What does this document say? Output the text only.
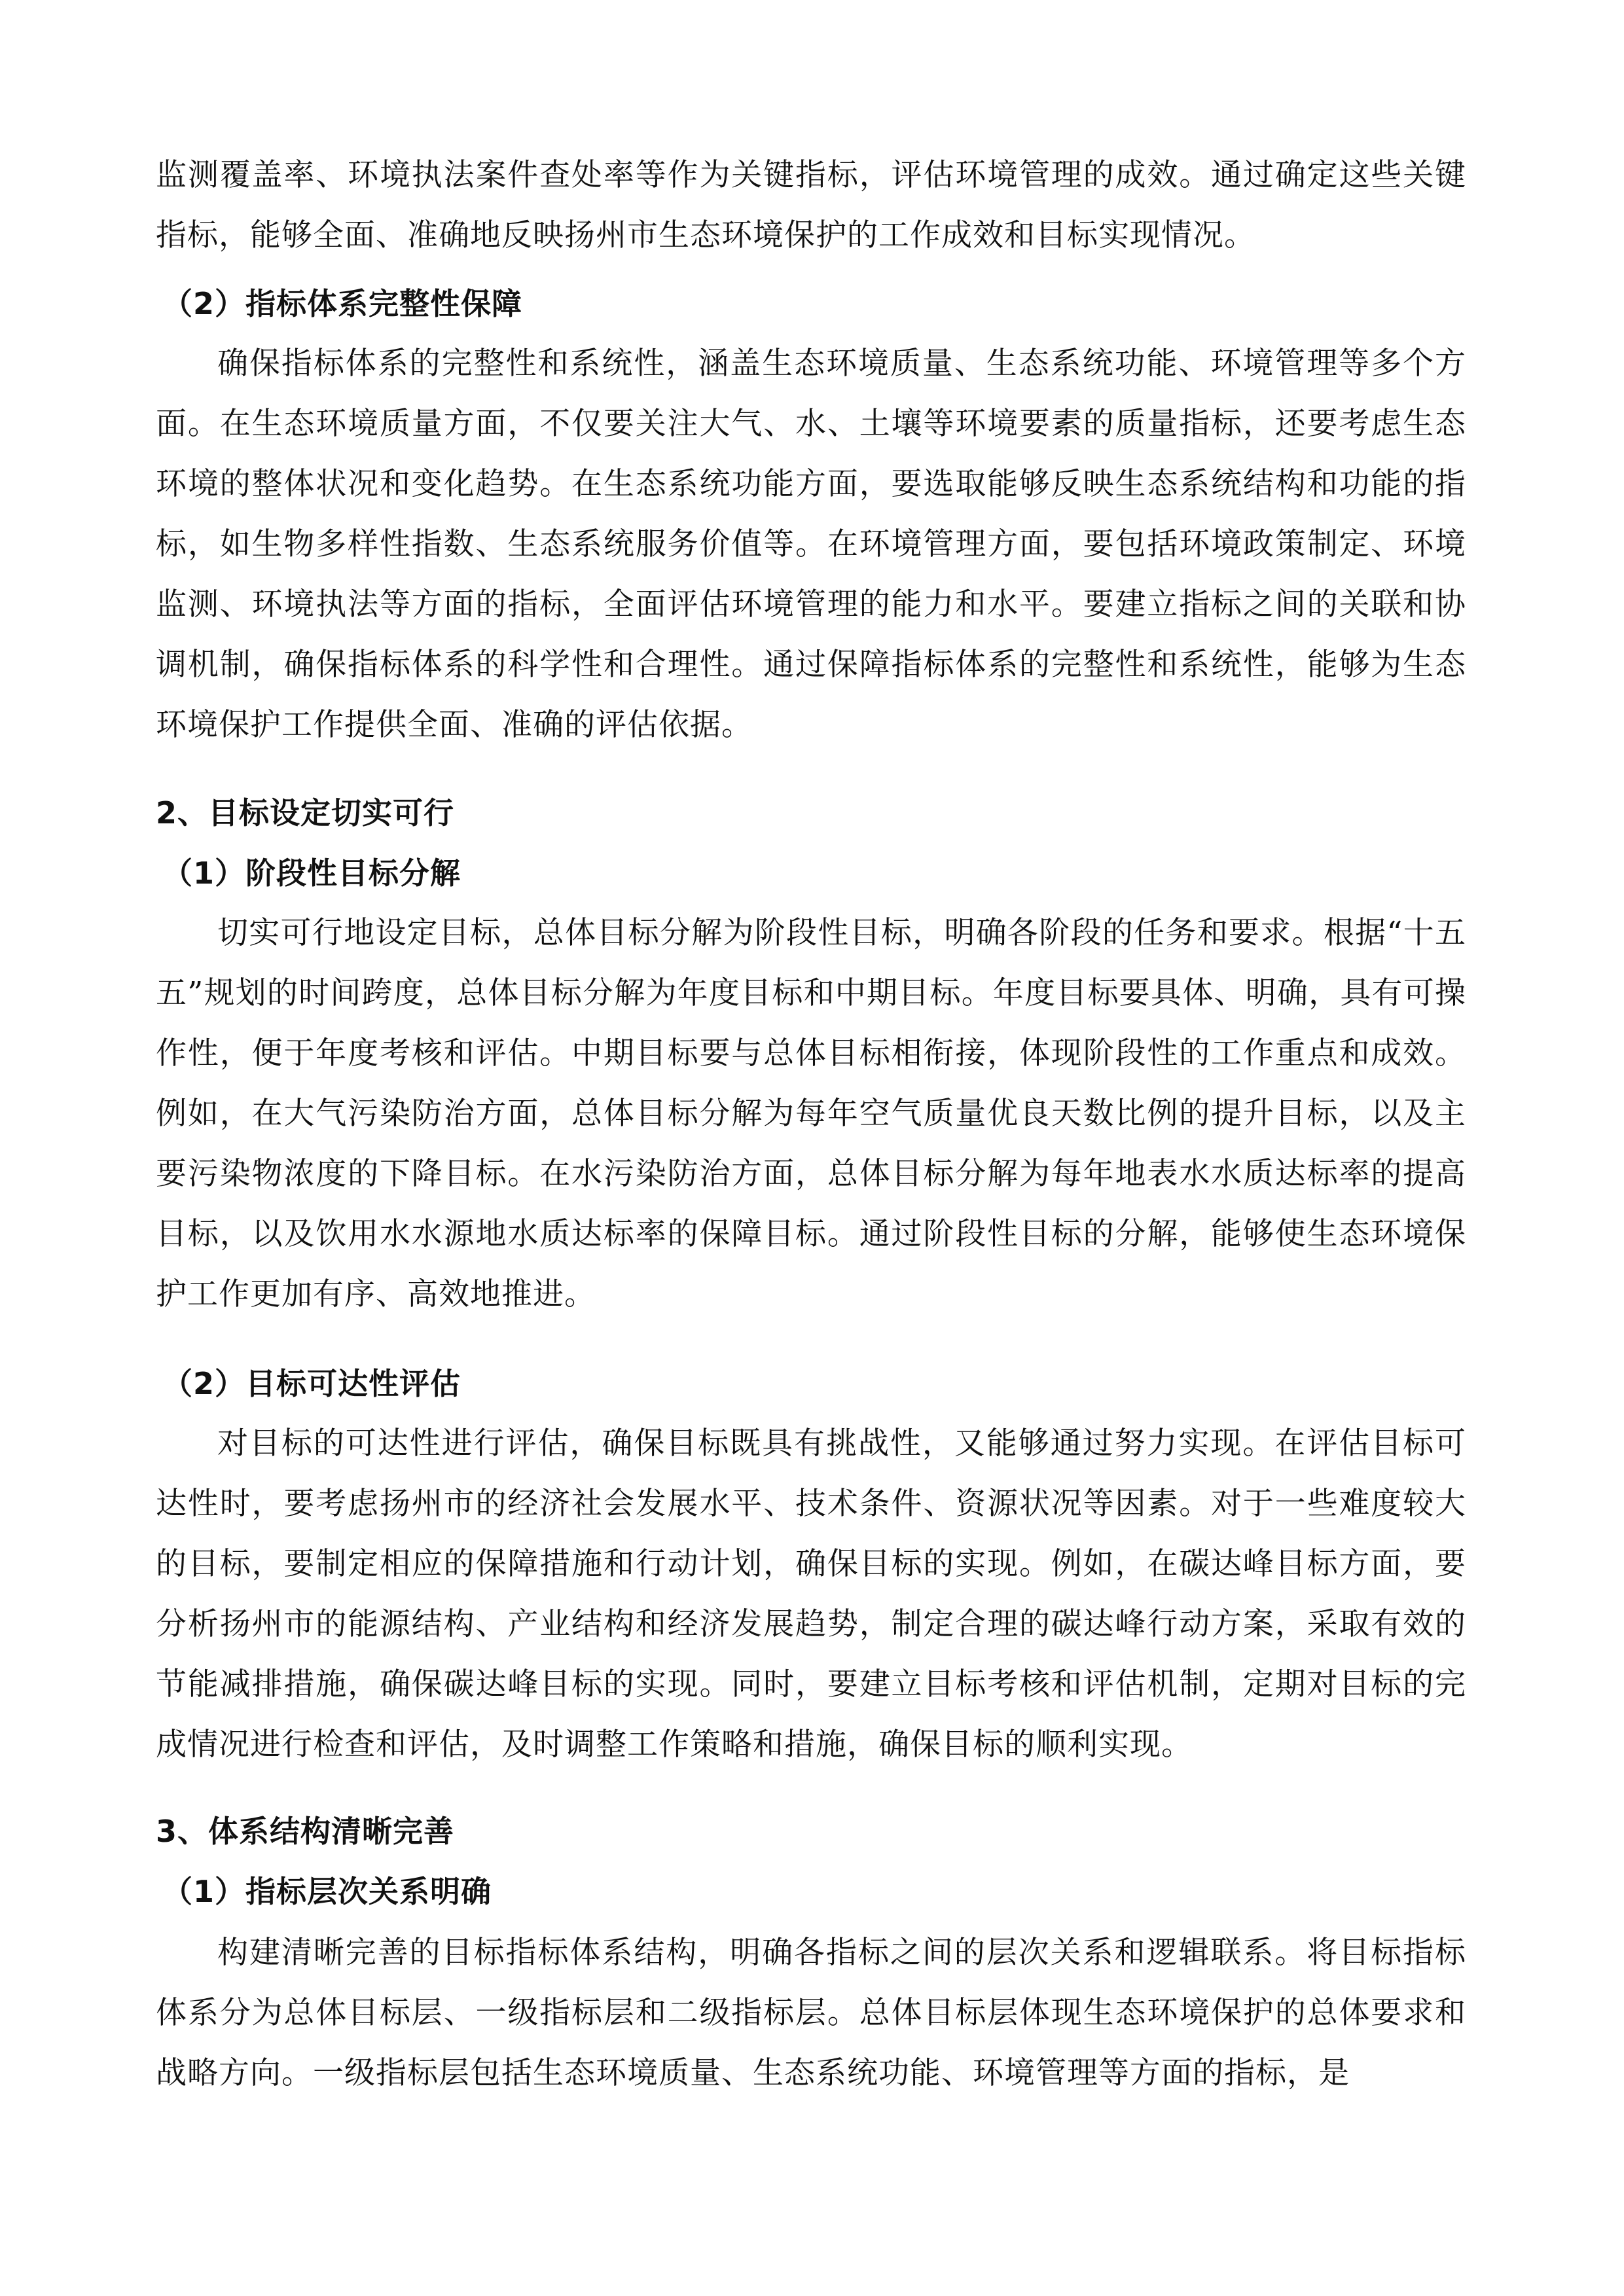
监测覆盖率、环境执法案件查处率等作为关键指标，评估环境管理的成效。通过确定这些关键指标，能够全面、准确地反映扬州市生态环境保护的工作成效和目标实现情况。

（2）指标体系完整性保障

确保指标体系的完整性和系统性，涵盖生态环境质量、生态系统功能、环境管理等多个方面。在生态环境质量方面，不仅要关注大气、水、土壤等环境要素的质量指标，还要考虑生态环境的整体状况和变化趋势。在生态系统功能方面，要选取能够反映生态系统结构和功能的指标，如生物多样性指数、生态系统服务价值等。在环境管理方面，要包括环境政策制定、环境监测、环境执法等方面的指标，全面评估环境管理的能力和水平。要建立指标之间的关联和协调机制，确保指标体系的科学性和合理性。通过保障指标体系的完整性和系统性，能够为生态环境保护工作提供全面、准确的评估依据。

2、目标设定切实可行

（1）阶段性目标分解

切实可行地设定目标，总体目标分解为阶段性目标，明确各阶段的任务和要求。根据“十五五”规划的时间跨度，总体目标分解为年度目标和中期目标。年度目标要具体、明确，具有可操作性，便于年度考核和评估。中期目标要与总体目标相衔接，体现阶段性的工作重点和成效。例如，在大气污染防治方面，总体目标分解为每年空气质量优良天数比例的提升目标，以及主要污染物浓度的下降目标。在水污染防治方面，总体目标分解为每年地表水水质达标率的提高目标，以及饮用水水源地水质达标率的保障目标。通过阶段性目标的分解，能够使生态环境保护工作更加有序、高效地推进。

（2）目标可达性评估

对目标的可达性进行评估，确保目标既具有挑战性，又能够通过努力实现。在评估目标可达性时，要考虑扬州市的经济社会发展水平、技术条件、资源状况等因素。对于一些难度较大的目标，要制定相应的保障措施和行动计划，确保目标的实现。例如，在碳达峰目标方面，要分析扬州市的能源结构、产业结构和经济发展趋势，制定合理的碳达峰行动方案，采取有效的节能减排措施，确保碳达峰目标的实现。同时，要建立目标考核和评估机制，定期对目标的完成情况进行检查和评估，及时调整工作策略和措施，确保目标的顺利实现。

3、体系结构清晰完善

（1）指标层次关系明确

构建清晰完善的目标指标体系结构，明确各指标之间的层次关系和逻辑联系。将目标指标体系分为总体目标层、一级指标层和二级指标层。总体目标层体现生态环境保护的总体要求和战略方向。一级指标层包括生态环境质量、生态系统功能、环境管理等方面的指标，是
